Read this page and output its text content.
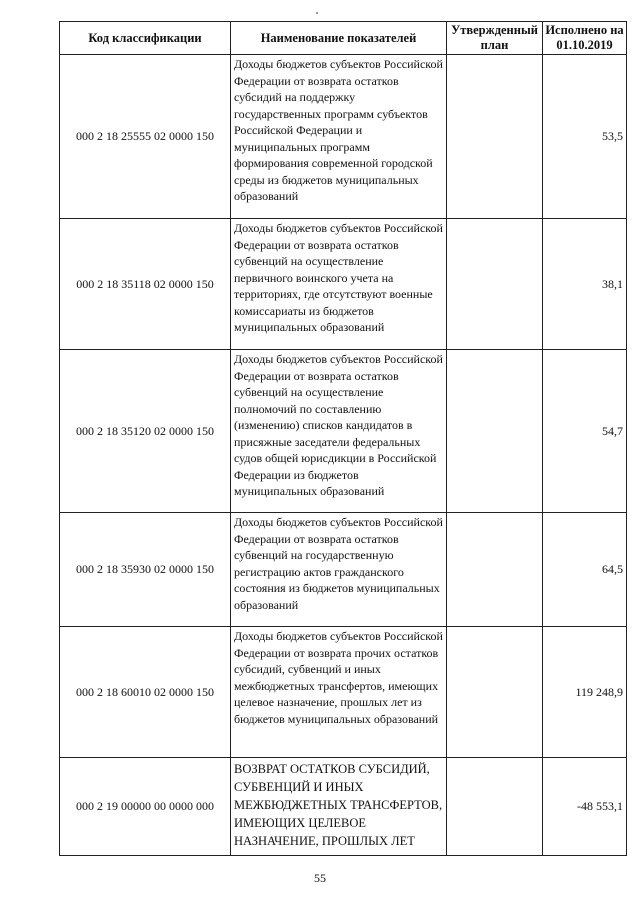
Код классификации	Наименование показателей	Утвержденный план	Исполнено на 01.10.2019
000 2 18 25555 02 0000 150	Доходы бюджетов субъектов Российской Федерации от возврата остатков субсидий на поддержку государственных программ субъектов Российской Федерации и муниципальных программ формирования современной городской среды из бюджетов муниципальных образований		53,5
000 2 18 35118 02 0000 150	Доходы бюджетов субъектов Российской Федерации от возврата остатков субвенций на осуществление первичного воинского учета на территориях, где отсутствуют военные комиссариаты из бюджетов муниципальных образований		38,1
000 2 18 35120 02 0000 150	Доходы бюджетов субъектов Российской Федерации от возврата остатков субвенций на осуществление полномочий по составлению (изменению) списков кандидатов в присяжные заседатели федеральных судов общей юрисдикции в Российской Федерации из бюджетов муниципальных образований		54,7
000 2 18 35930 02 0000 150	Доходы бюджетов субъектов Российской Федерации от возврата остатков субвенций на государственную регистрацию актов гражданского состояния из бюджетов муниципальных образований		64,5
000 2 18 60010 02 0000 150	Доходы бюджетов субъектов Российской Федерации от возврата прочих остатков субсидий, субвенций и иных межбюджетных трансфертов, имеющих целевое назначение, прошлых лет из бюджетов муниципальных образований		119 248,9
000 2 19 00000 00 0000 000	ВОЗВРАТ ОСТАТКОВ СУБСИДИЙ, СУБВЕНЦИЙ И ИНЫХ МЕЖБЮДЖЕТНЫХ ТРАНСФЕРТОВ, ИМЕЮЩИХ ЦЕЛЕВОЕ НАЗНАЧЕНИЕ, ПРОШЛЫХ ЛЕТ		-48 553,1
55
